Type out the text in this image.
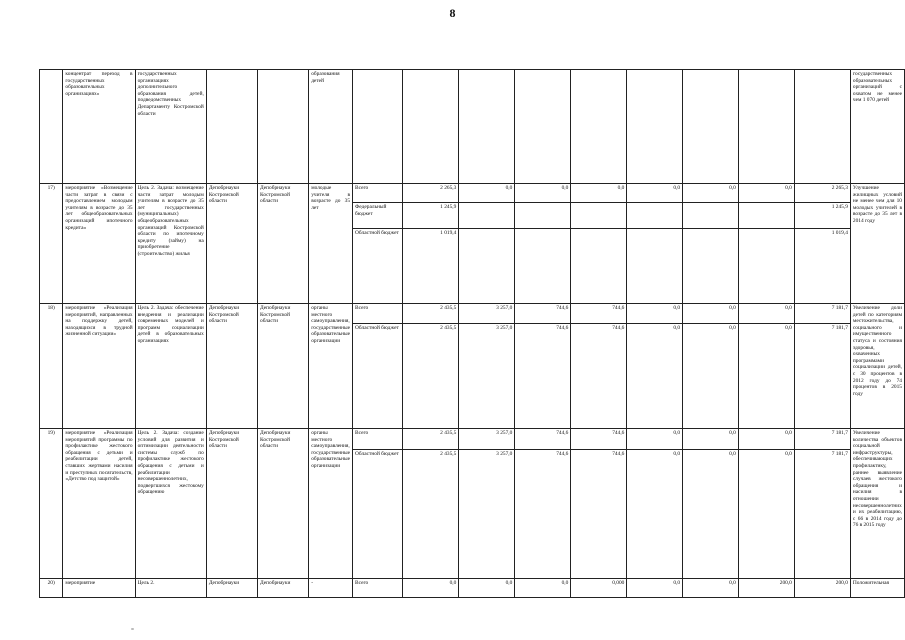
8
	концентрат переход в государственных образовательных организациях»	государственных организациях дополнительного образования детей, подведомственных Департаменту Костромской области			образования детей										государственных образовательных организаций с охватом не менее чем 1 070 детей
17)	мероприятие «Возмещение части затрат в связи с предоставлением молодым учителям в возрасте до 35 лет общеобразовательных организаций ипотечного кредита»	Цель 2. Задача: возмещение части затрат молодым учителям в возрасте до 35 лет государственных (муниципальных) общеобразовательных организаций Костромской области по ипотечному кредиту (займу) на приобретение (строительство) жилья	Депобрнауки Костромской области	Депобрнауки Костромской области	молодые учителя в возрасте до 35 лет	Всего	2 265,3	0,0	0,0	0,0	0,0	0,0	0,0	2 265,3	Улучшение жилищных условий не менее чем для 10 молодых учителей в возрасте до 35 лет в 2014 году
						Федеральный бюджет	1 245,9							1 245,9	
						Областной бюджет	1 019,4							1 019,4	
18)	мероприятие «Реализация мероприятий, направленных на поддержку детей, находящихся в трудной жизненной ситуации»	Цель 2. Задача: обеспечение внедрения и реализации современных моделей и программ социализации детей в образовательных организациях	Депобрнауки Костромской области	Депобрнауки Костромской области	органы местного самоуправления, государственные образовательные организации	Всего	2 435,5	3 257,0	744,6	744,6	0,0	0,0	0,0	7 181,7	Увеличение доли детей по категориям местожительства, социального и имущественного статуса и состояния здоровья, охваченных программами социализации детей, с 30 процентов в 2012 году до 74 процентов в 2015 году
						Областной бюджет	2 435,5	3 257,0	744,6	744,6	0,0	0,0	0,0	7 181,7	
19)	мероприятие «Реализация мероприятий программы по профилактике жестокого обращения с детьми и реабилитации детей, ставших жертвами насилия и преступных посягательств, «Детство под защитой»	Цель 2. Задача: создание условий для развития и оптимизации деятельности системы служб по профилактике жестокого обращения с детьми и реабилитации несовершеннолетних, подвергшихся жестокому обращению	Депобрнауки Костромской области	Депобрнауки Костромской области	органы местного самоуправления, государственные образовательные организации	Всего	2 435,5	3 257,0	744,6	744,6	0,0	0,0	0,0	7 181,7	Увеличение количества объектов социальной инфраструктуры, обеспечивающих профилактику, раннее выявление случаев жестокого обращения и насилия в отношении несовершеннолетних и их реабилитацию, с 66 в 2014 году до 76 в 2015 году
						Областной бюджет	2 435,5	3 257,0	744,6	744,6	0,0	0,0	0,0	7 181,7	
20)	мероприятие	Цель 2.	Депобрнауки	Депобрнауки	-	Всего	0,0	0,0	0,0	0,000	0,0	0,0	200,0	200,0	Положительная
